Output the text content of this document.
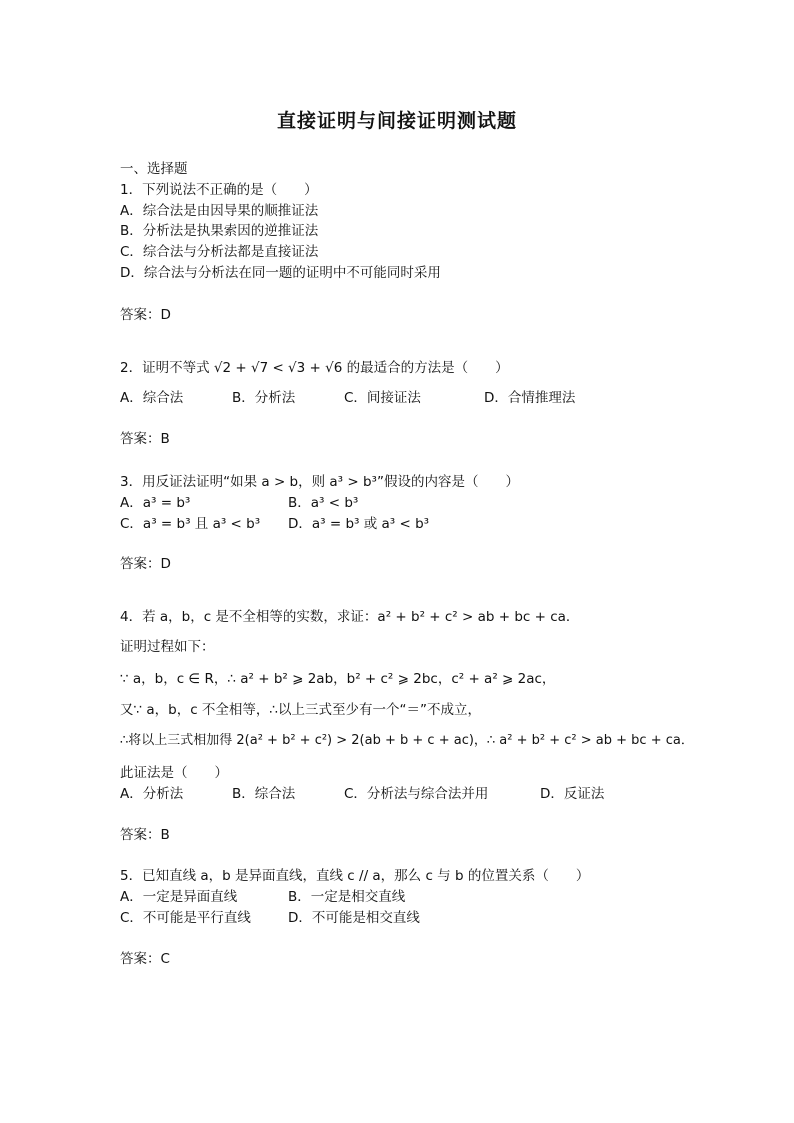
直接证明与间接证明测试题
一、选择题
1．下列说法不正确的是（　　）
A．综合法是由因导果的顺推证法
B．分析法是执果索因的逆推证法
C．综合法与分析法都是直接证法
D．综合法与分析法在同一题的证明中不可能同时采用
答案：D
2．证明不等式 √2 + √7 < √3 + √6 的最适合的方法是（　　）
A．综合法	B．分析法	C．间接证法	D．合情推理法
答案：B
3．用反证法证明“如果 a > b，则 a³ > b³”假设的内容是（　　）
A．a³ = b³	B．a³ < b³
C．a³ = b³ 且 a³ < b³ D．a³ = b³ 或 a³ < b³
答案：D
4．若 a，b，c 是不全相等的实数，求证：a² + b² + c² > ab + bc + ca．
证明过程如下：
∵ a，b，c ∈ R，∴ a² + b² ⩾ 2ab，b² + c² ⩾ 2bc，c² + a² ⩾ 2ac，
又∵ a，b，c 不全相等，∴以上三式至少有一个“＝”不成立，
∴将以上三式相加得 2(a² + b² + c²) > 2(ab + b + c + ac)，∴ a² + b² + c² > ab + bc + ca．
此证法是（　　）
A．分析法	B．综合法	C．分析法与综合法并用	D．反证法
答案：B
5．已知直线 a，b 是异面直线，直线 c // a，那么 c 与 b 的位置关系（　　）
A．一定是异面直线	B．一定是相交直线
C．不可能是平行直线	D．不可能是相交直线
答案：C
